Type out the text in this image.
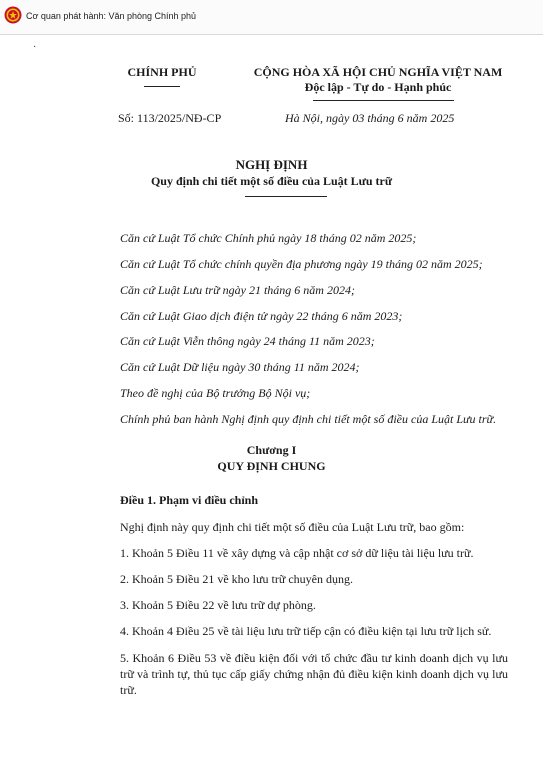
Cơ quan phát hành: Văn phòng Chính phủ
·
CHÍNH PHỦ	CỘNG HÒA XÃ HỘI CHỦ NGHĨA VIỆT NAM
Độc lập - Tự do - Hạnh phúc
Số: 113/2025/NĐ-CP	Hà Nội, ngày 03 tháng 6 năm 2025
NGHỊ ĐỊNH
Quy định chi tiết một số điều của Luật Lưu trữ
Căn cứ Luật Tổ chức Chính phủ ngày 18 tháng 02 năm 2025;
Căn cứ Luật Tổ chức chính quyền địa phương ngày 19 tháng 02 năm 2025;
Căn cứ Luật Lưu trữ ngày 21 tháng 6 năm 2024;
Căn cứ Luật Giao dịch điện tử ngày 22 tháng 6 năm 2023;
Căn cứ Luật Viễn thông ngày 24 tháng 11 năm 2023;
Căn cứ Luật Dữ liệu ngày 30 tháng 11 năm 2024;
Theo đề nghị của Bộ trưởng Bộ Nội vụ;
Chính phủ ban hành Nghị định quy định chi tiết một số điều của Luật Lưu trữ.
Chương I
QUY ĐỊNH CHUNG
Điều 1. Phạm vi điều chỉnh
Nghị định này quy định chi tiết một số điều của Luật Lưu trữ, bao gồm:
1. Khoản 5 Điều 11 về xây dựng và cập nhật cơ sở dữ liệu tài liệu lưu trữ.
2. Khoản 5 Điều 21 về kho lưu trữ chuyên dụng.
3. Khoản 5 Điều 22 về lưu trữ dự phòng.
4. Khoản 4 Điều 25 về tài liệu lưu trữ tiếp cận có điều kiện tại lưu trữ lịch sử.
5. Khoản 6 Điều 53 về điều kiện đối với tổ chức đầu tư kinh doanh dịch vụ lưu trữ và trình tự, thủ tục cấp giấy chứng nhận đủ điều kiện kinh doanh dịch vụ lưu trữ.
